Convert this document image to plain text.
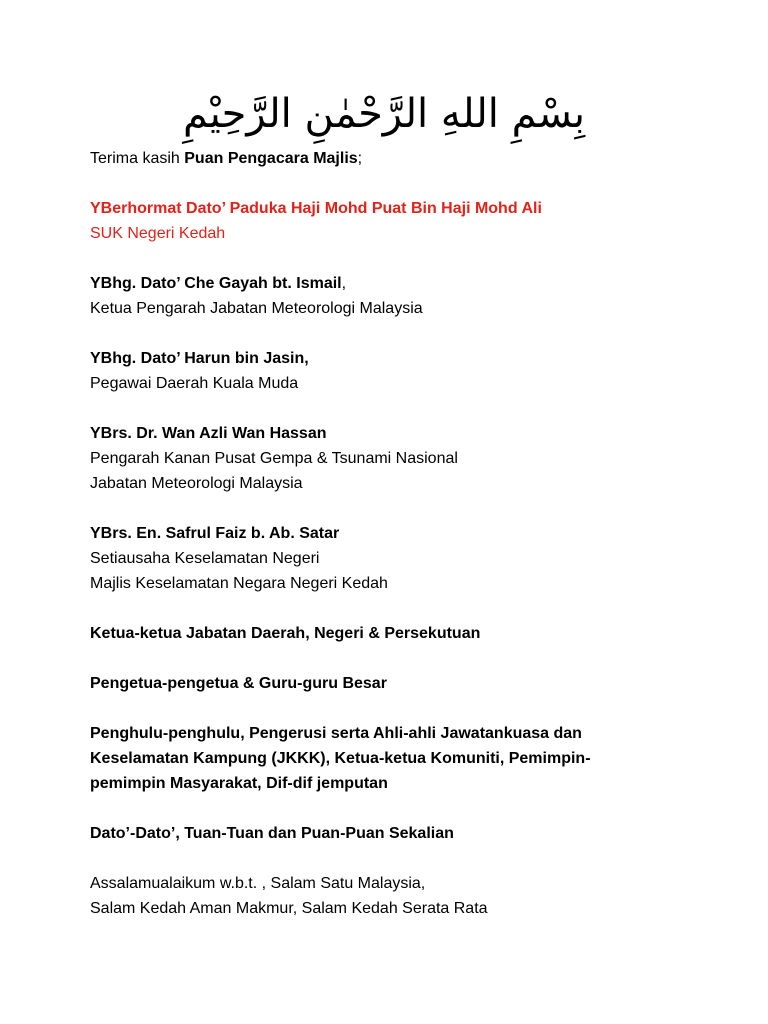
بِسْمِ اللهِ الرَّحْمٰنِ الرَّحِيْمِ
Terima kasih Puan Pengacara Majlis;
YBerhormat Dato’ Paduka Haji Mohd Puat Bin Haji Mohd Ali
SUK Negeri Kedah
YBhg. Dato’ Che Gayah bt. Ismail,
Ketua Pengarah Jabatan Meteorologi Malaysia
YBhg. Dato’ Harun bin Jasin,
Pegawai Daerah Kuala Muda
YBrs. Dr. Wan Azli Wan Hassan
Pengarah Kanan Pusat Gempa & Tsunami Nasional
Jabatan Meteorologi Malaysia
YBrs. En. Safrul Faiz b. Ab. Satar
Setiausaha Keselamatan Negeri
Majlis Keselamatan Negara Negeri Kedah
Ketua-ketua Jabatan Daerah, Negeri & Persekutuan
Pengetua-pengetua & Guru-guru Besar
Penghulu-penghulu, Pengerusi serta Ahli-ahli Jawatankuasa dan
Keselamatan Kampung (JKKK), Ketua-ketua Komuniti, Pemimpin-
pemimpin Masyarakat, Dif-dif jemputan
Dato’-Dato’, Tuan-Tuan dan Puan-Puan Sekalian
Assalamualaikum w.b.t. , Salam Satu Malaysia,
Salam Kedah Aman Makmur, Salam Kedah Serata Rata
